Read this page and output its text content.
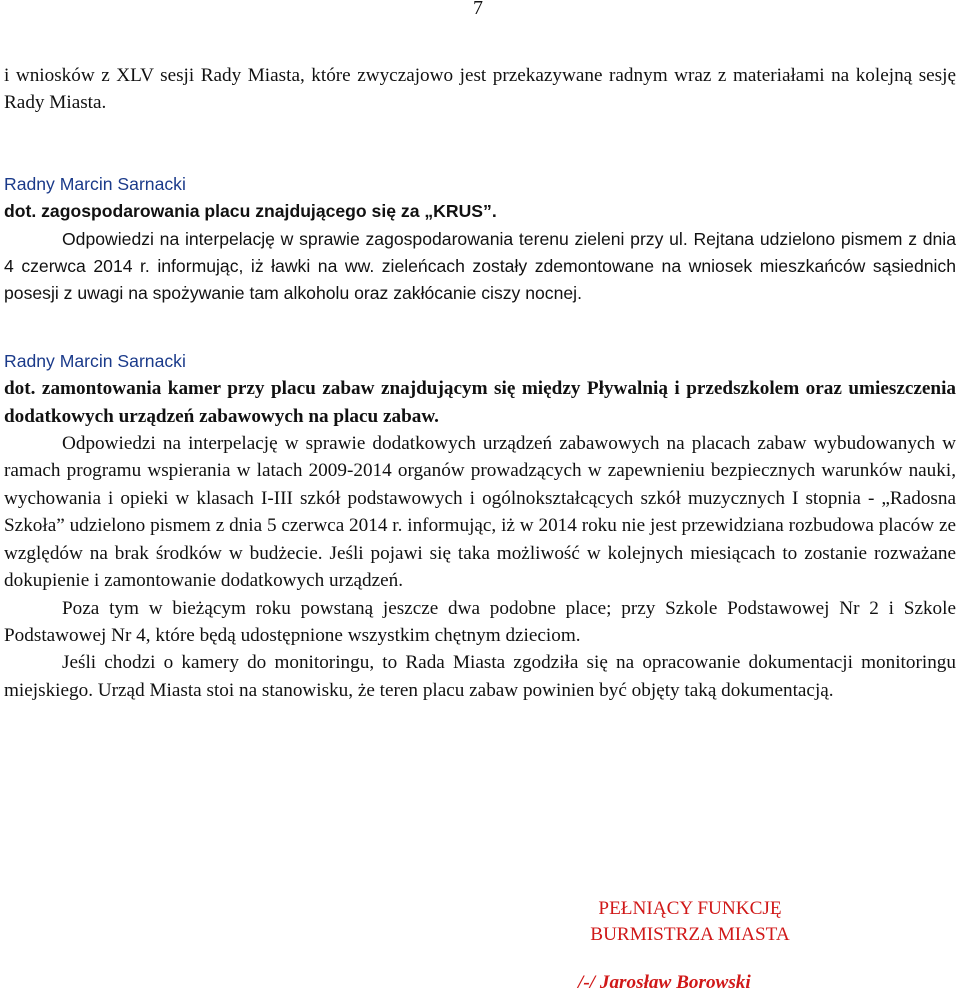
7

i wniosków z XLV sesji Rady Miasta, które zwyczajowo jest przekazywane radnym wraz z materiałami na kolejną sesję Rady Miasta.

Radny Marcin Sarnacki

dot. zagospodarowania placu znajdującego się za „KRUS”.

Odpowiedzi na interpelację w sprawie zagospodarowania terenu zieleni przy ul. Rejtana udzielono pismem z dnia 4 czerwca 2014 r. informując, iż ławki na ww. zieleńcach zostały zdemontowane na wniosek mieszkańców sąsiednich posesji z uwagi na spożywanie tam alkoholu oraz zakłócanie ciszy nocnej.

Radny Marcin Sarnacki

dot. zamontowania kamer przy placu zabaw znajdującym się między Pływalnią i przedszkolem oraz umieszczenia dodatkowych urządzeń zabawowych na placu zabaw.

Odpowiedzi na interpelację w sprawie dodatkowych urządzeń zabawowych na placach zabaw wybudowanych w ramach programu wspierania w latach 2009-2014 organów prowadzących w zapewnieniu bezpiecznych warunków nauki, wychowania i opieki w klasach I-III szkół podstawowych i ogólnokształcących szkół muzycznych I stopnia - „Radosna Szkoła” udzielono pismem z dnia 5 czerwca 2014 r. informując, iż w 2014 roku nie jest przewidziana rozbudowa placów ze względów na brak środków w budżecie. Jeśli pojawi się taka możliwość w kolejnych miesiącach to zostanie rozważane dokupienie i zamontowanie dodatkowych urządzeń.

Poza tym w bieżącym roku powstaną jeszcze dwa podobne place; przy Szkole Podstawowej Nr 2 i Szkole Podstawowej Nr 4, które będą udostępnione wszystkim chętnym dzieciom.

Jeśli chodzi o kamery do monitoringu, to Rada Miasta zgodziła się na opracowanie dokumentacji monitoringu miejskiego. Urząd Miasta stoi na stanowisku, że teren placu zabaw powinien być objęty taką dokumentacją.

PEŁNIĄCY FUNKCJĘ
BURMISTRZA MIASTA
/-/ Jarosław Borowski
